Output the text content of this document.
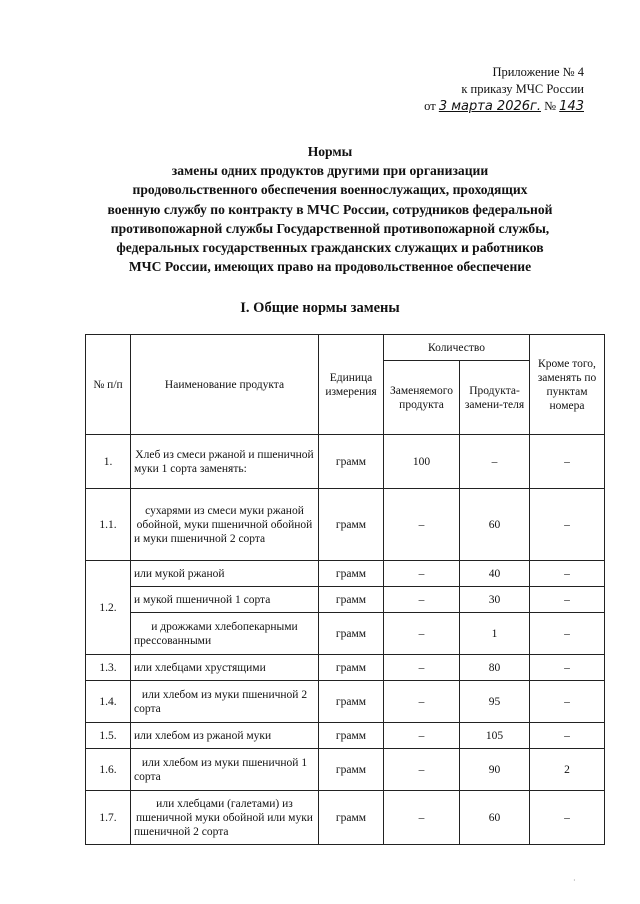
Приложение № 4
к приказу МЧС России
от 3 марта 2026г. № 143
Нормы
замены одних продуктов другими при организации
продовольственного обеспечения военнослужащих, проходящих
военную службу по контракту в МЧС России, сотрудников федеральной
противопожарной службы Государственной противопожарной службы,
федеральных государственных гражданских служащих и работников
МЧС России, имеющих право на продовольственное обеспечение
I. Общие нормы замены
№ п/п	Наименование продукта	Единица измерения	Количество		Кроме того, заменять по пунктам номера
			Заменяемого продукта	Продукта-замени-теля	
1.	Хлеб из смеси ржаной и пшеничной муки 1 сорта заменять:	грамм	100	–	–
1.1.	сухарями из смеси муки ржаной обойной, муки пшеничной обойной и муки пшеничной 2 сорта	грамм	–	60	–
1.2.	или мукой ржаной	грамм	–	40	–
	и мукой пшеничной 1 сорта	грамм	–	30	–
	и дрожжами хлебопекарными прессованными	грамм	–	1	–
1.3.	или хлебцами хрустящими	грамм	–	80	–
1.4.	или хлебом из муки пшеничной 2 сорта	грамм	–	95	–
1.5.	или хлебом из ржаной муки	грамм	–	105	–
1.6.	или хлебом из муки пшеничной 1 сорта	грамм	–	90	2
1.7.	или хлебцами (галетами) из пшеничной муки обойной или муки пшеничной 2 сорта	грамм	–	60	–
·
